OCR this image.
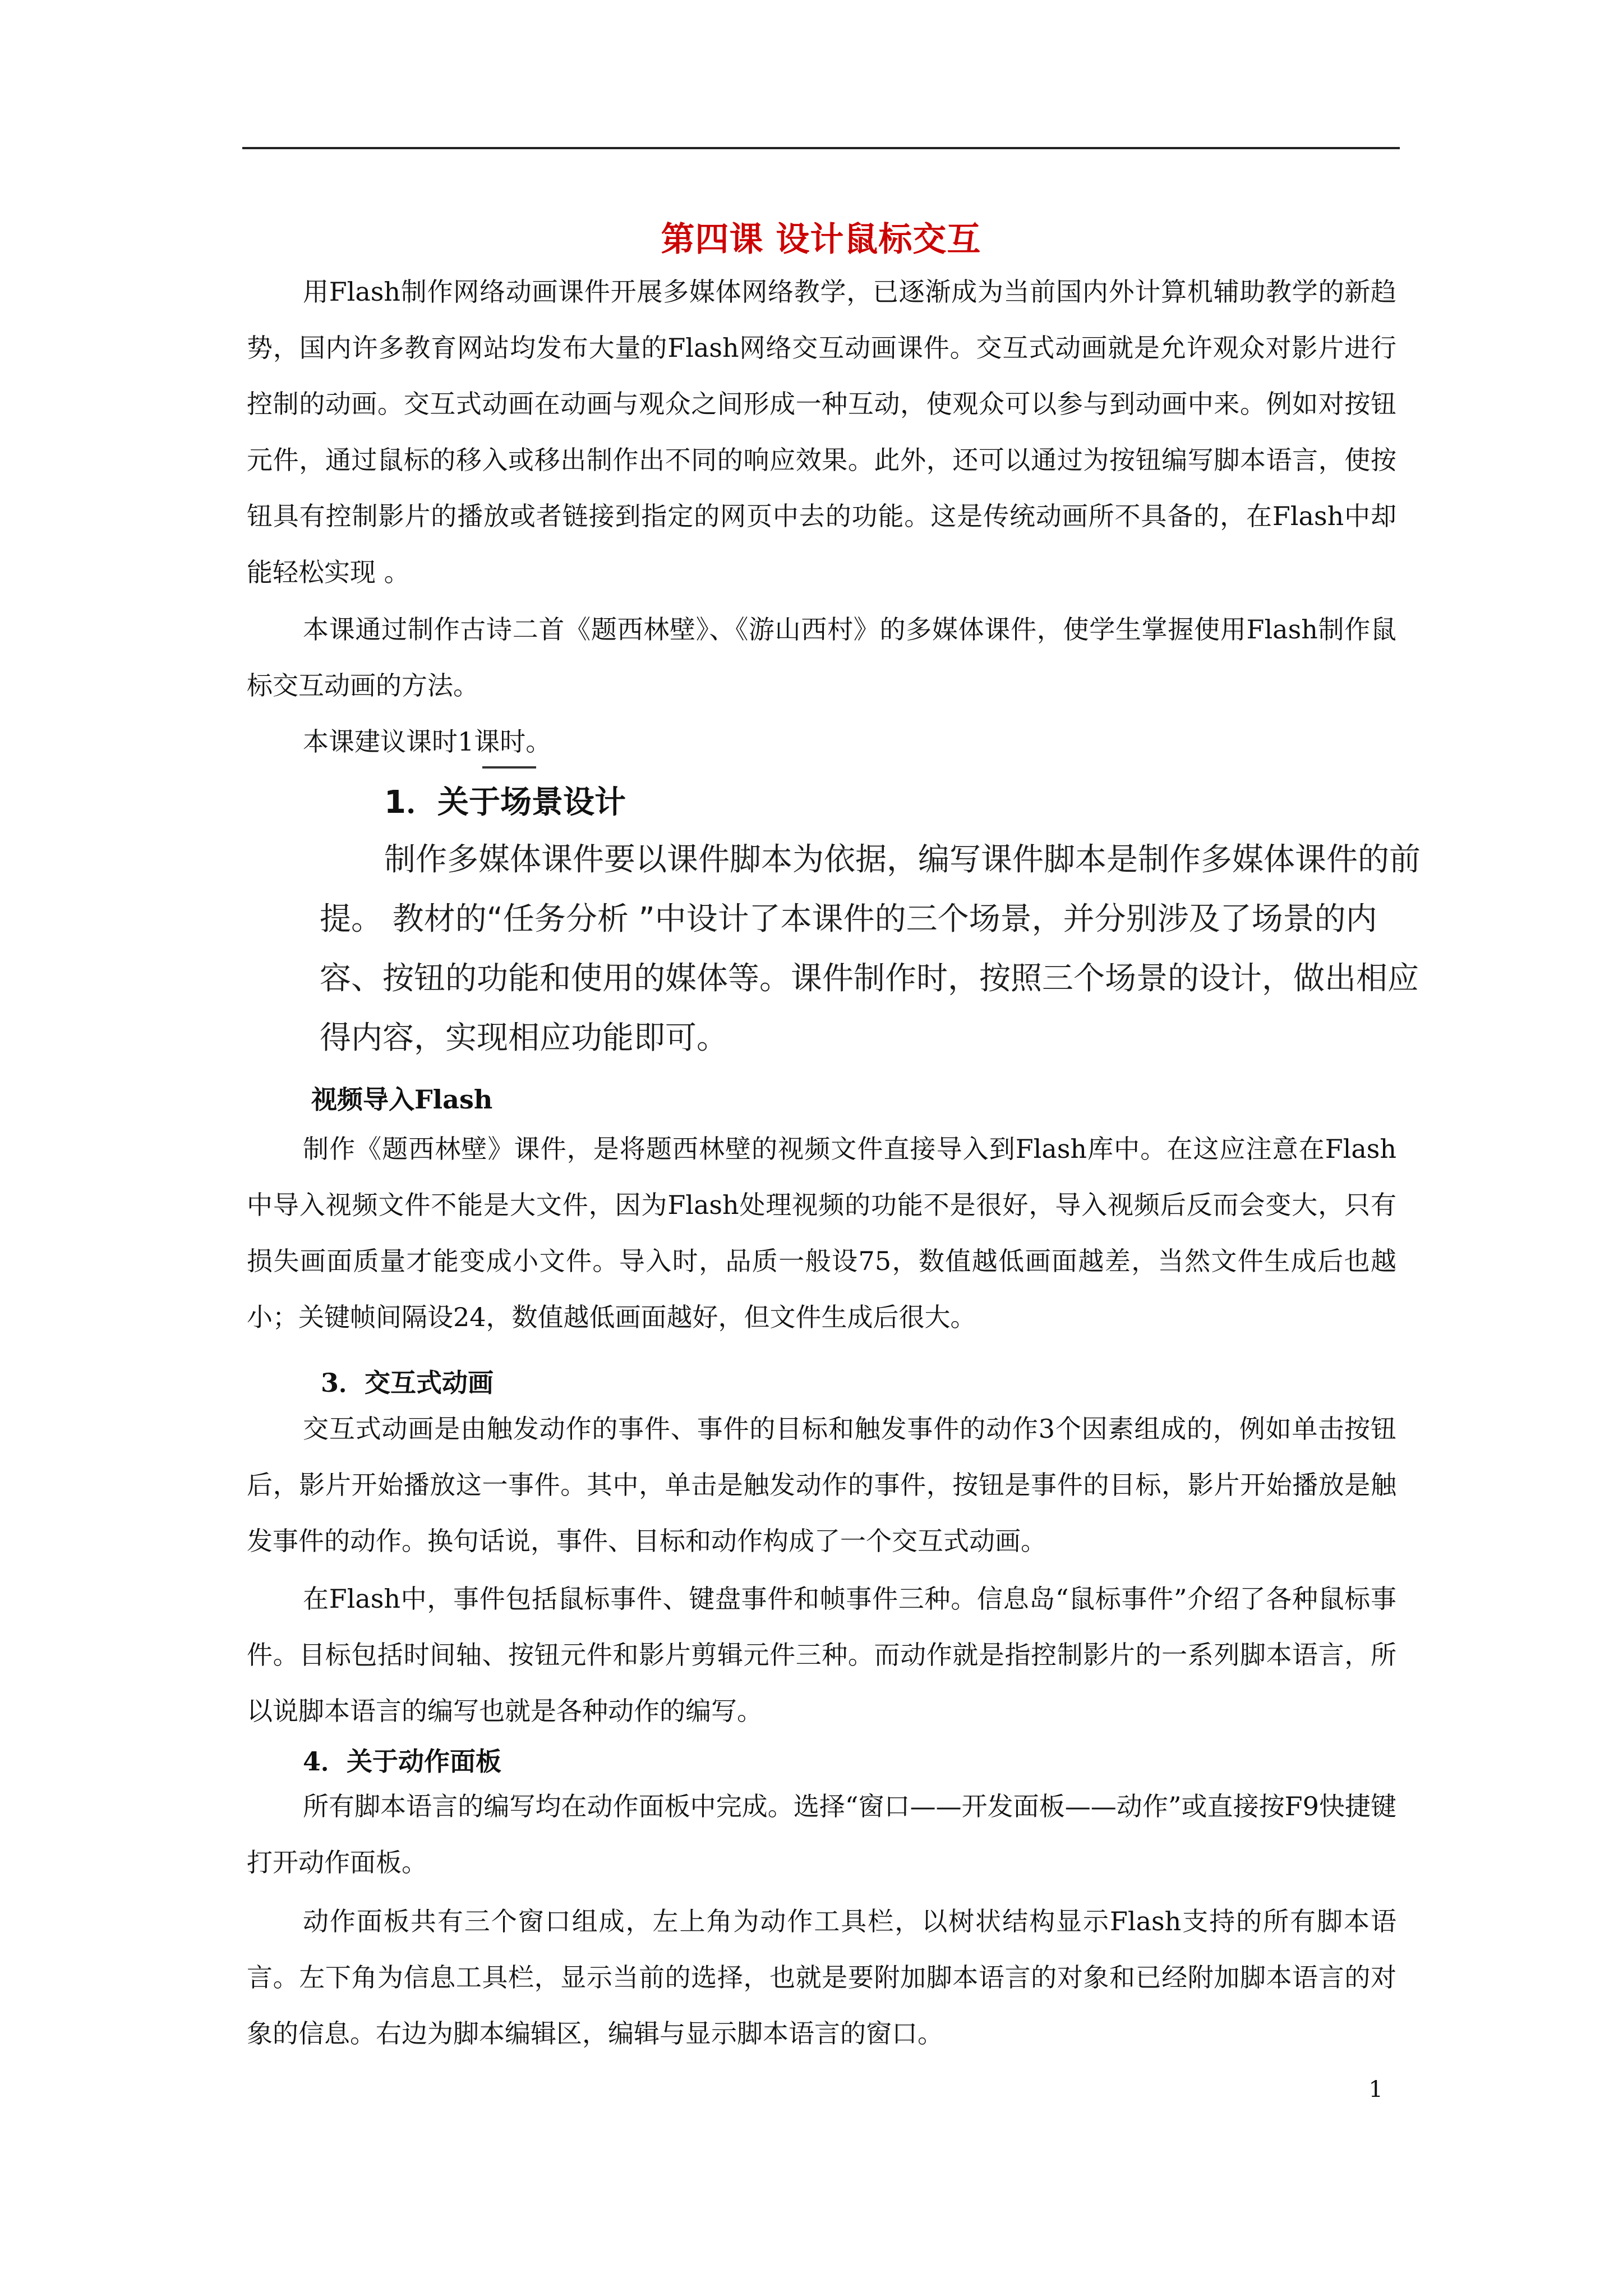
第四课 设计鼠标交互

用Flash制作网络动画课件开展多媒体网络教学，已逐渐成为当前国内外计算机辅助教学的新趋势，国内许多教育网站均发布大量的Flash网络交互动画课件。交互式动画就是允许观众对影片进行控制的动画。交互式动画在动画与观众之间形成一种互动，使观众可以参与到动画中来。例如对按钮元件，通过鼠标的移入或移出制作出不同的响应效果。此外，还可以通过为按钮编写脚本语言，使按钮具有控制影片的播放或者链接到指定的网页中去的功能。这是传统动画所不具备的，在Flash中却能轻松实现 。

本课通过制作古诗二首《题西林壁》、《游山西村》的多媒体课件，使学生掌握使用Flash制作鼠标交互动画的方法。

本课建议课时1课时。

1．关于场景设计

制作多媒体课件要以课件脚本为依据，编写课件脚本是制作多媒体课件的前提。 教材的“任务分析 ”中设计了本课件的三个场景，并分别涉及了场景的内容、按钮的功能和使用的媒体等。课件制作时，按照三个场景的设计，做出相应得内容，实现相应功能即可。

视频导入Flash

制作《题西林壁》课件，是将题西林壁的视频文件直接导入到Flash库中。在这应注意在Flash中导入视频文件不能是大文件，因为Flash处理视频的功能不是很好，导入视频后反而会变大，只有损失画面质量才能变成小文件。导入时，品质一般设75，数值越低画面越差，当然文件生成后也越小；关键帧间隔设24，数值越低画面越好，但文件生成后很大。

3．交互式动画

交互式动画是由触发动作的事件、事件的目标和触发事件的动作3个因素组成的，例如单击按钮后，影片开始播放这一事件。其中，单击是触发动作的事件，按钮是事件的目标，影片开始播放是触发事件的动作。换句话说，事件、目标和动作构成了一个交互式动画。

在Flash中，事件包括鼠标事件、键盘事件和帧事件三种。信息岛“鼠标事件”介绍了各种鼠标事件。目标包括时间轴、按钮元件和影片剪辑元件三种。而动作就是指控制影片的一系列脚本语言，所以说脚本语言的编写也就是各种动作的编写。

4．关于动作面板

所有脚本语言的编写均在动作面板中完成。选择“窗口——开发面板——动作”或直接按F9快捷键打开动作面板。

动作面板共有三个窗口组成，左上角为动作工具栏，以树状结构显示Flash支持的所有脚本语言。左下角为信息工具栏，显示当前的选择，也就是要附加脚本语言的对象和已经附加脚本语言的对象的信息。右边为脚本编辑区，编辑与显示脚本语言的窗口。

1
